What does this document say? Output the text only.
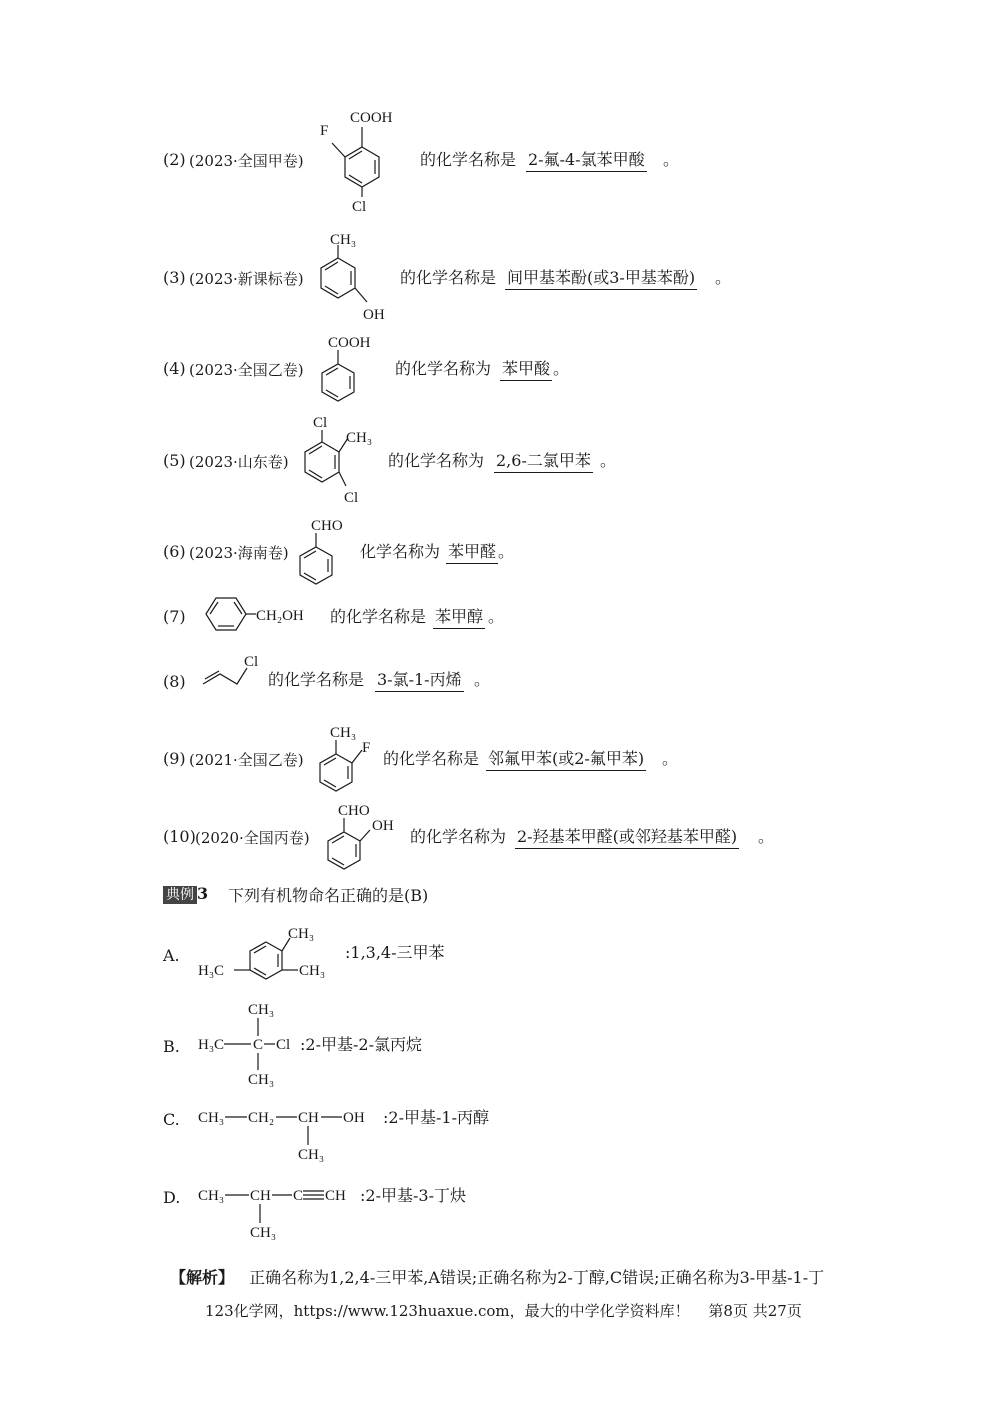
(2) (2023·全国甲卷)
COOH
F
Cl
的化学名称是 2-氟-4-氯苯甲酸 。
(3) (2023·新课标卷)
CH₃
OH
的化学名称是 间甲基苯酚(或3-甲基苯酚) 。
(4) (2023·全国乙卷)
COOH
的化学名称为 苯甲酸 。
(5) (2023·山东卷)
Cl
CH₃
Cl
的化学名称为 2,6-二氯甲苯 。
(6) (2023·海南卷)
CHO
化学名称为 苯甲醛 。
(7)	CH₂OH 的化学名称是 苯甲醇 。
(8)
Cl
的化学名称是 3-氯-1-丙烯 。
(9) (2021·全国乙卷)
CH₃
F
的化学名称是 邻氟甲苯(或2-氟甲苯) 。
(10) (2020·全国丙卷)
CHO
OH
的化学名称为 2-羟基苯甲醛(或邻羟基苯甲醛) 。
典例 3 下列有机物命名正确的是(B)
A.
CH₃
H₃C	CH₃
:1,3,4-三甲苯
B.
CH₃
H₃C C Cl
CH₃
:2-甲基-2-氯丙烷
C. CH₃ CH₂ CH OH
CH₃
:2-甲基-1-丙醇
D. CH₃ CH C CH
CH₃
:2-甲基-3-丁炔
【解析】 正确名称为1,2,4-三甲苯,A错误;正确名称为2-丁醇,C错误;正确名称为3-甲基-1-丁
123化学网，https://www.123huaxue.com，最大的中学化学资料库！ 第8页 共27页
